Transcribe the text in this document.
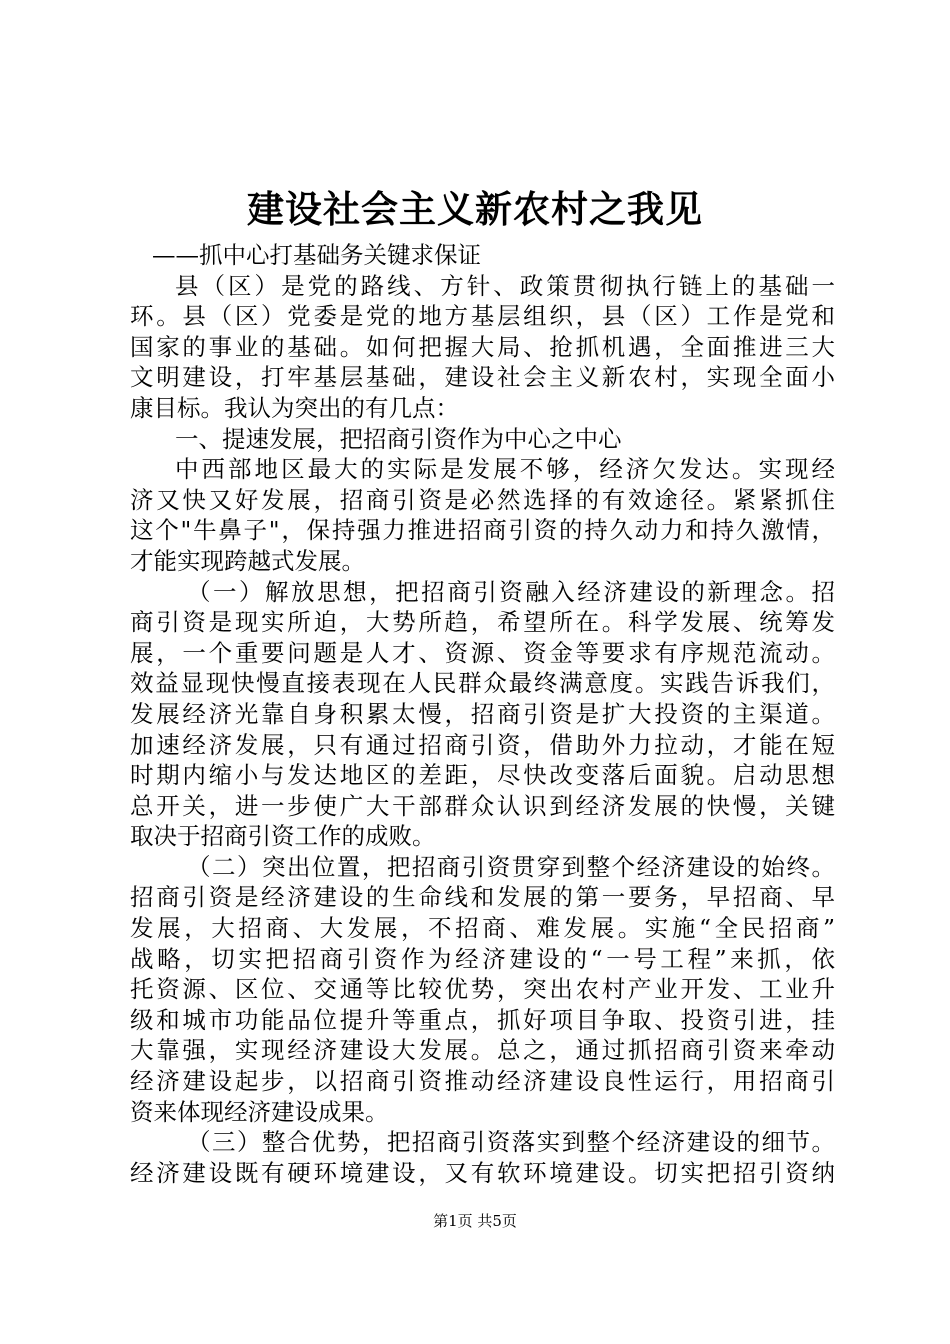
建设社会主义新农村之我见
——抓中心打基础务关键求保证
县（区）是党的路线、方针、政策贯彻执行链上的基础一
环。县（区）党委是党的地方基层组织，县（区）工作是党和
国家的事业的基础。如何把握大局、抢抓机遇，全面推进三大
文明建设，打牢基层基础，建设社会主义新农村，实现全面小
康目标。我认为突出的有几点：
一、提速发展，把招商引资作为中心之中心
中西部地区最大的实际是发展不够，经济欠发达。实现经
济又快又好发展，招商引资是必然选择的有效途径。紧紧抓住
这个"牛鼻子"，保持强力推进招商引资的持久动力和持久激情，
才能实现跨越式发展。
（一）解放思想，把招商引资融入经济建设的新理念。招
商引资是现实所迫，大势所趋，希望所在。科学发展、统筹发
展，一个重要问题是人才、资源、资金等要求有序规范流动。
效益显现快慢直接表现在人民群众最终满意度。实践告诉我们，
发展经济光靠自身积累太慢，招商引资是扩大投资的主渠道。
加速经济发展，只有通过招商引资，借助外力拉动，才能在短
时期内缩小与发达地区的差距，尽快改变落后面貌。启动思想
总开关，进一步使广大干部群众认识到经济发展的快慢，关键
取决于招商引资工作的成败。
（二）突出位置，把招商引资贯穿到整个经济建设的始终。
招商引资是经济建设的生命线和发展的第一要务，早招商、早
发展，大招商、大发展，不招商、难发展。实施“全民招商”
战略，切实把招商引资作为经济建设的“一号工程”来抓，依
托资源、区位、交通等比较优势，突出农村产业开发、工业升
级和城市功能品位提升等重点，抓好项目争取、投资引进，挂
大靠强，实现经济建设大发展。总之，通过抓招商引资来牵动
经济建设起步，以招商引资推动经济建设良性运行，用招商引
资来体现经济建设成果。
（三）整合优势，把招商引资落实到整个经济建设的细节。
经济建设既有硬环境建设，又有软环境建设。切实把招引资纳
第1页 共5页
